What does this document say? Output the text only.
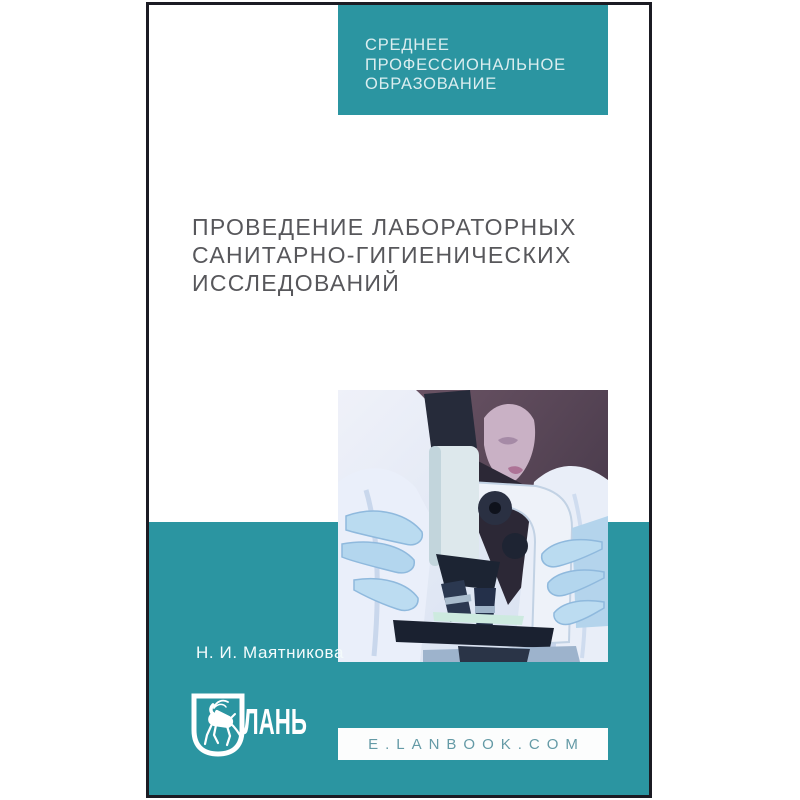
СРЕДНЕЕ
ПРОФЕССИОНАЛЬНОЕ
ОБРАЗОВАНИЕ
ПРОВЕДЕНИЕ ЛАБОРАТОРНЫХ
САНИТАРНО-ГИГИЕНИЧЕСКИХ
ИССЛЕДОВАНИЙ
Н. И. Маятникова
ЛАНЬ
E.LANBOOK.COM
